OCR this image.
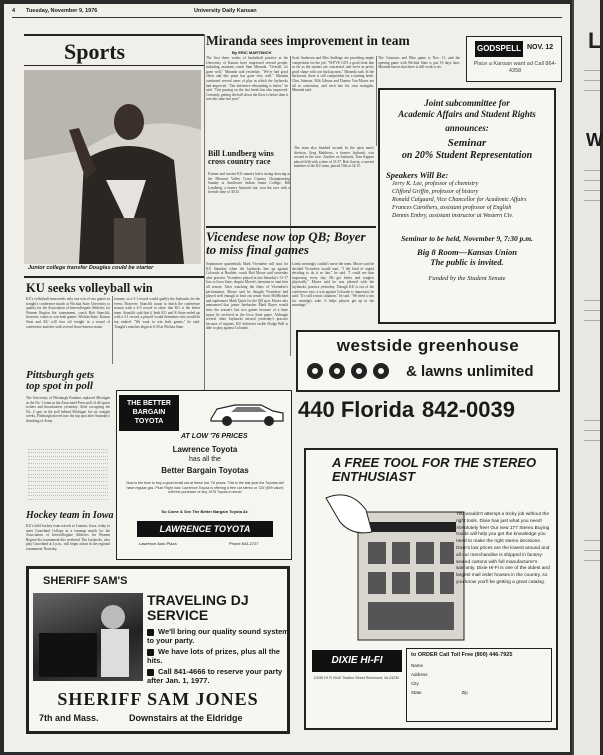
4 Tuesday, November 9, 1976	University Daily Kansan
Sports
Junior college transfer Douglas could be starter
Miranda sees improvement in team
By ERIC MARTINICH
The first three weeks of basketball practice at the University of Kansas have impressed several people, including assistant coach Sam Miranda. "Overall, it's gone well," Miranda said yesterday. "We've had good effort and this point has gone very well." Miranda continued several areas of play in which the Jayhawks had improved. "Our defensive rebounding is better," he said. "Our passing on the fast break has also improved. Certainly, getting the ball down the floor is better than it was this time last year."
Scott Anderson and Max Stallings are providing ample competition for the job. "WE'VE GOT a good front line as far as the starters are concerned, and we're in pretty good shape with our backup men," Miranda said. In the backcourt, there is still competition for a starting berth. Clint Johnson, Milt Gibson and Donnie Von Moore are all in contention, and each has his own strengths. Miranda said.
The Crimsons and Blue game is Nov. 11, and the opening game with Wichita State is just 19 days later. Miranda knows that there is still work to do.
Bill Lundberg wins cross country race
Former and current KU runners had a strong showing at the Missouri Valley Cross Country Championship Sunday at Sunflower Indian Junior College. Bill Lundberg, a former Jayhawk star, won the race with a fireside time of 30:35.
The team also finished second. In the open men's division, Greg Matthews, a former Jayhawk, was second in the race. Another ex-Jayhawk, Tom Kappes placed fifth with a time of 31:37. Bob Garcia, a current member of the KU team, placed 10th at 32:15.
Vicendese now top QB; Boyer to miss final games
Sophomore quarterback Mark Vicendese will start for KU Saturday when the Jayhawks line up against Colorado at Boulder, coach Bud Moore said yesterday after practice. Vicendese played in last Saturday's 31-17 loss to Iowa State, despite Moore's intention to start him all season. After watching the films of Vicendese's performance, Moore said he thought Vicendese had played well enough to beat out senior Scott McMichael and sophomore Mark Quirk for the QB spot. Moore also announced that junior linebacker Mark Boyer would miss the season's last two games because of a knee injury he received in the Iowa State game. Although several other Jayhawks missed yesterday's practice because of injuries, KU defensive tackle Dodge Bell is able to play against Colorado.
Lamb seemingly couldn't move the team. Moore said he decided Vicendese would start. "I felt kind of stupid deciding to do it so late," he said. "I could see him improving every day. He got better and tougher physically." Moore said he was pleased with the Jayhawks' practice yesterday. Though KU is out of the conference race, a win against Colorado is important, he said. "It's still a must situation," he said. "We need a win for winning's sake. It helps players get up in the mornings."
GODSPELL NOV. 12
Place a Kansan want ad Call 864-4358
Joint subcommittee for
Academic Affairs and Student Rights
announces:
Seminar
on 20% Student Representation
Speakers Will Be:
Jerry K. Lee, professor of chemistry
Clifford Griffin, professor of history
Ronald Calgaard, Vice Chancellor for Academic Affairs
Frances Carothers, assistant professor of English
Dennis Embry, assistant instructor at Western Civ.
Seminar to be held, November 9, 7:30 p.m.
Big 8 Room—Kansas Union
The public is invited.
Funded by the Student Senate
KU seeks volleyball win
KU's volleyball team needs only one win of two games in tonight's conference match at Wichita State University to qualify for the Association of Intercollegiate Athletics for Women Region Six tournament, coach Bob Stanclift, however, wants to win both games. Wichita State, Kansas State and KU will face off tonight in a round of conference matches with several lesser-known teams.
tourney, so a 3-1 record would qualify the Jayhawks for the event. However, Stanclift wants to finish the conference season with a 4-0 record to show that KU is the better team. Stanclift said that if both KU and K-State ended up with a 3-1 record, a playoff would determine who would be top ranked. "We want to win both games," he said. Tonight's matches begin at 6:30 at Wichita State.
Pittsburgh gets top spot in poll
The University of Pittsburgh Panthers replaced Michigan as the No. 1 team in the Associated Press poll of all sports writers and broadcasters yesterday. After occupying the No. 2 spot in the poll behind Michigan for six straight weeks, Pittsburgh moved into the top spot after Saturday's thrashing of Army.
Hockey team in Iowa
KU's field hockey team travels to Lamoni, Iowa, today to meet Graceland College in a warmup match for the Association of Intercollegiate Athletics for Women Region Six tournament this weekend. The Jayhawks, who play Graceland at 4 p.m., will begin action in the regional tournament Thursday.
THE BETTER BARGAIN TOYOTA
AT LOW '76 PRICES
Lawrence Toyota
has all the
Better Bargain Toyotas
Now is the time to buy a good small car at these low '76 prices. This is the last year the Toyotas will have regular gas. Plus! Right now, Lawrence Toyota is offering a free car stereo or 'CB' ($99 value) with the purchase of any 1976 Toyota in stock!
So Come & See The Better Bargain Toyota At:
LAWRENCE TOYOTA
Lawrence Auto Plaza	Phone 843-2727
westside greenhouse
& lawns unlimited
440 Florida 842-0039
A FREE TOOL FOR THE STEREO ENTHUSIAST
You wouldn't attempt a tricky job without the right tools. Dixie has just what you need! Absolutely free! Our new 177 Stereo Buying Guide will help you get the knowledge you need to make the right stereo decisions. Dixie's low prices are the lowest around and all our merchandise is shipped in factory-sealed cartons with full manufacturer's warranty. Dixie Hi-Fi is one of the oldest and largest mail order houses in the country, so you know you'll be getting a great catalog.
DIXIE HI-FI
DIXIE HI FI 2040 Thalbro Street Richmond, Va 23230
to ORDER Call Toll Free (800) 446-7925
Name
Address
City
State	Zip
SHERIFF SAM'S
TRAVELING DJ SERVICE
We'll bring our quality sound system to your party.
We have lots of prizes, plus all the hits.
Call 841-4666 to reserve your party after Jan. 1, 1977.
SHERIFF SAM JONES
7th and Mass.	Downstairs at the Eldridge
L
W
